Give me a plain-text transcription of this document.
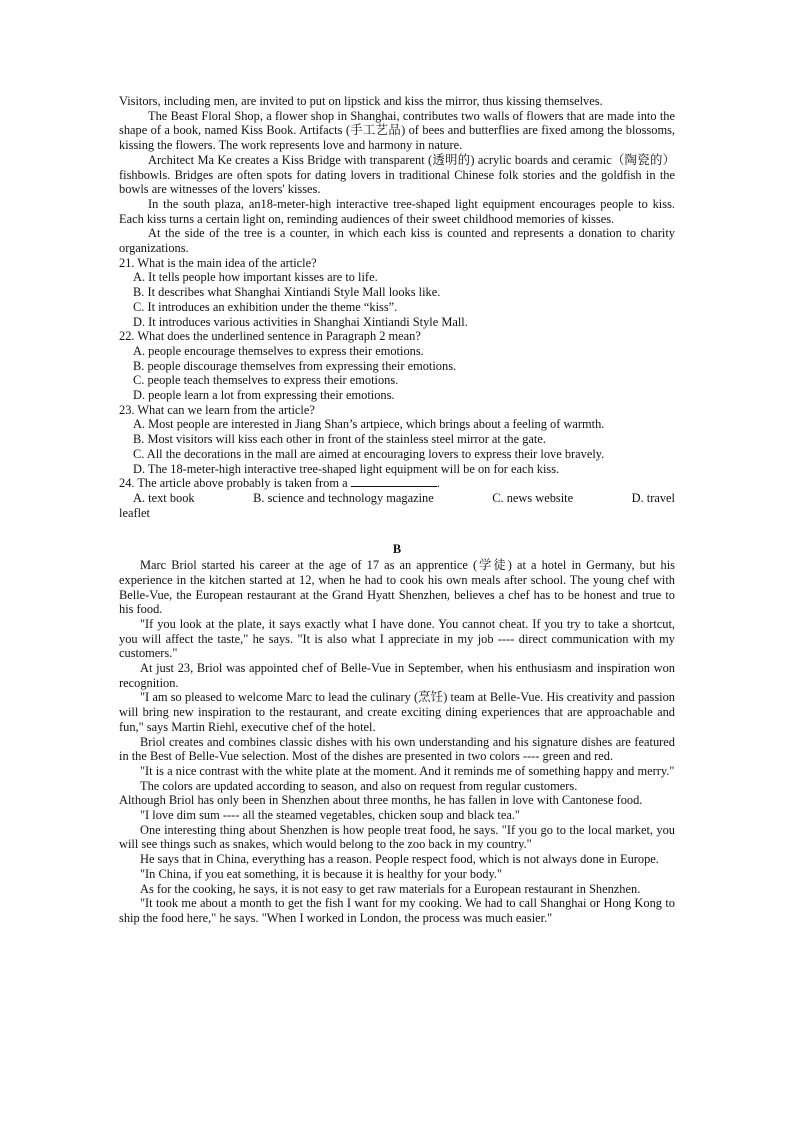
Visitors, including men, are invited to put on lipstick and kiss the mirror, thus kissing themselves.

The Beast Floral Shop, a flower shop in Shanghai, contributes two walls of flowers that are made into the shape of a book, named Kiss Book. Artifacts (手工艺品) of bees and butterflies are fixed among the blossoms, kissing the flowers. The work represents love and harmony in nature.

Architect Ma Ke creates a Kiss Bridge with transparent (透明的) acrylic boards and ceramic（陶瓷的）fishbowls. Bridges are often spots for dating lovers in traditional Chinese folk stories and the goldfish in the bowls are witnesses of the lovers' kisses.

In the south plaza, an18-meter-high interactive tree-shaped light equipment encourages people to kiss. Each kiss turns a certain light on, reminding audiences of their sweet childhood memories of kisses.

At the side of the tree is a counter, in which each kiss is counted and represents a donation to charity organizations.

21. What is the main idea of the article?

A. It tells people how important kisses are to life.

B. It describes what Shanghai Xintiandi Style Mall looks like.

C. It introduces an exhibition under the theme “kiss”.

D. It introduces various activities in Shanghai Xintiandi Style Mall.

22. What does the underlined sentence in Paragraph 2 mean?

A. people encourage themselves to express their emotions.

B. people discourage themselves from expressing their emotions.

C. people teach themselves to express their emotions.

D. people learn a lot from expressing their emotions.

23. What can we learn from the article?

A. Most people are interested in Jiang Shan’s artpiece, which brings about a feeling of warmth.

B. Most visitors will kiss each other in front of the stainless steel mirror at the gate.

C. All the decorations in the mall are aimed at encouraging lovers to express their love bravely.

D. The 18-meter-high interactive tree-shaped light equipment will be on for each kiss.

24. The article above probably is taken from a	.

A. text book	B. science and technology magazine	C. news website	D. travel

leaflet

B

Marc Briol started his career at the age of 17 as an apprentice (学徒) at a hotel in Germany, but his experience in the kitchen started at 12, when he had to cook his own meals after school. The young chef with Belle-Vue, the European restaurant at the Grand Hyatt Shenzhen, believes a chef has to be honest and true to his food.

"If you look at the plate, it says exactly what I have done. You cannot cheat. If you try to take a shortcut, you will affect the taste," he says. "It is also what I appreciate in my job ---- direct communication with my customers."

At just 23, Briol was appointed chef of Belle-Vue in September, when his enthusiasm and inspiration won recognition.

"I am so pleased to welcome Marc to lead the culinary (烹饪) team at Belle-Vue. His creativity and passion will bring new inspiration to the restaurant, and create exciting dining experiences that are approachable and fun," says Martin Riehl, executive chef of the hotel.

Briol creates and combines classic dishes with his own understanding and his signature dishes are featured in the Best of Belle-Vue selection. Most of the dishes are presented in two colors ---- green and red.

"It is a nice contrast with the white plate at the moment. And it reminds me of something happy and merry."

The colors are updated according to season, and also on request from regular customers.

Although Briol has only been in Shenzhen about three months, he has fallen in love with Cantonese food.

"I love dim sum ---- all the steamed vegetables, chicken soup and black tea."

One interesting thing about Shenzhen is how people treat food, he says. "If you go to the local market, you will see things such as snakes, which would belong to the zoo back in my country."

He says that in China, everything has a reason. People respect food, which is not always done in Europe.

"In China, if you eat something, it is because it is healthy for your body."

As for the cooking, he says, it is not easy to get raw materials for a European restaurant in Shenzhen.

"It took me about a month to get the fish I want for my cooking. We had to call Shanghai or Hong Kong to ship the food here," he says. "When I worked in London, the process was much easier."
